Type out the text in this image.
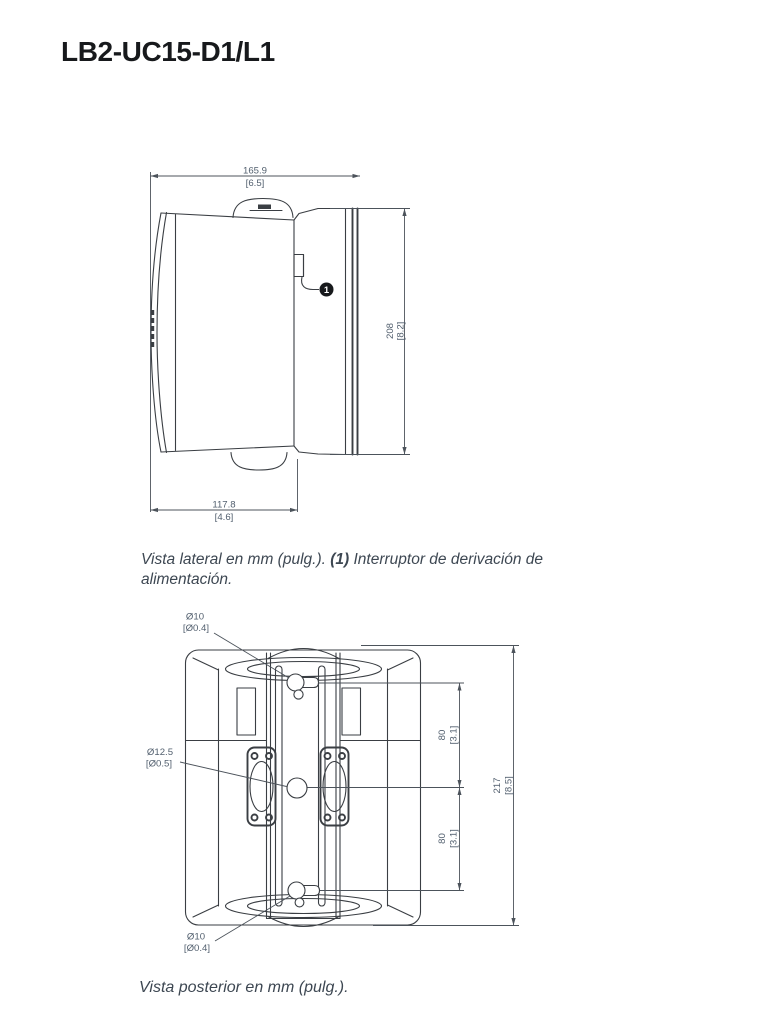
LB2-UC15-D1/L1
1
165.9
[6.5]
208 [8.2]
117.8
[4.6]

Vista lateral en mm (pulg.). (1) Interruptor de derivación de alimentación.

80 [3.1]
80 [3.1]
217 [8.5]
Ø10
[Ø0.4]
Ø12.5
[Ø0.5]
Ø10
[Ø0.4]

Vista posterior en mm (pulg.).
